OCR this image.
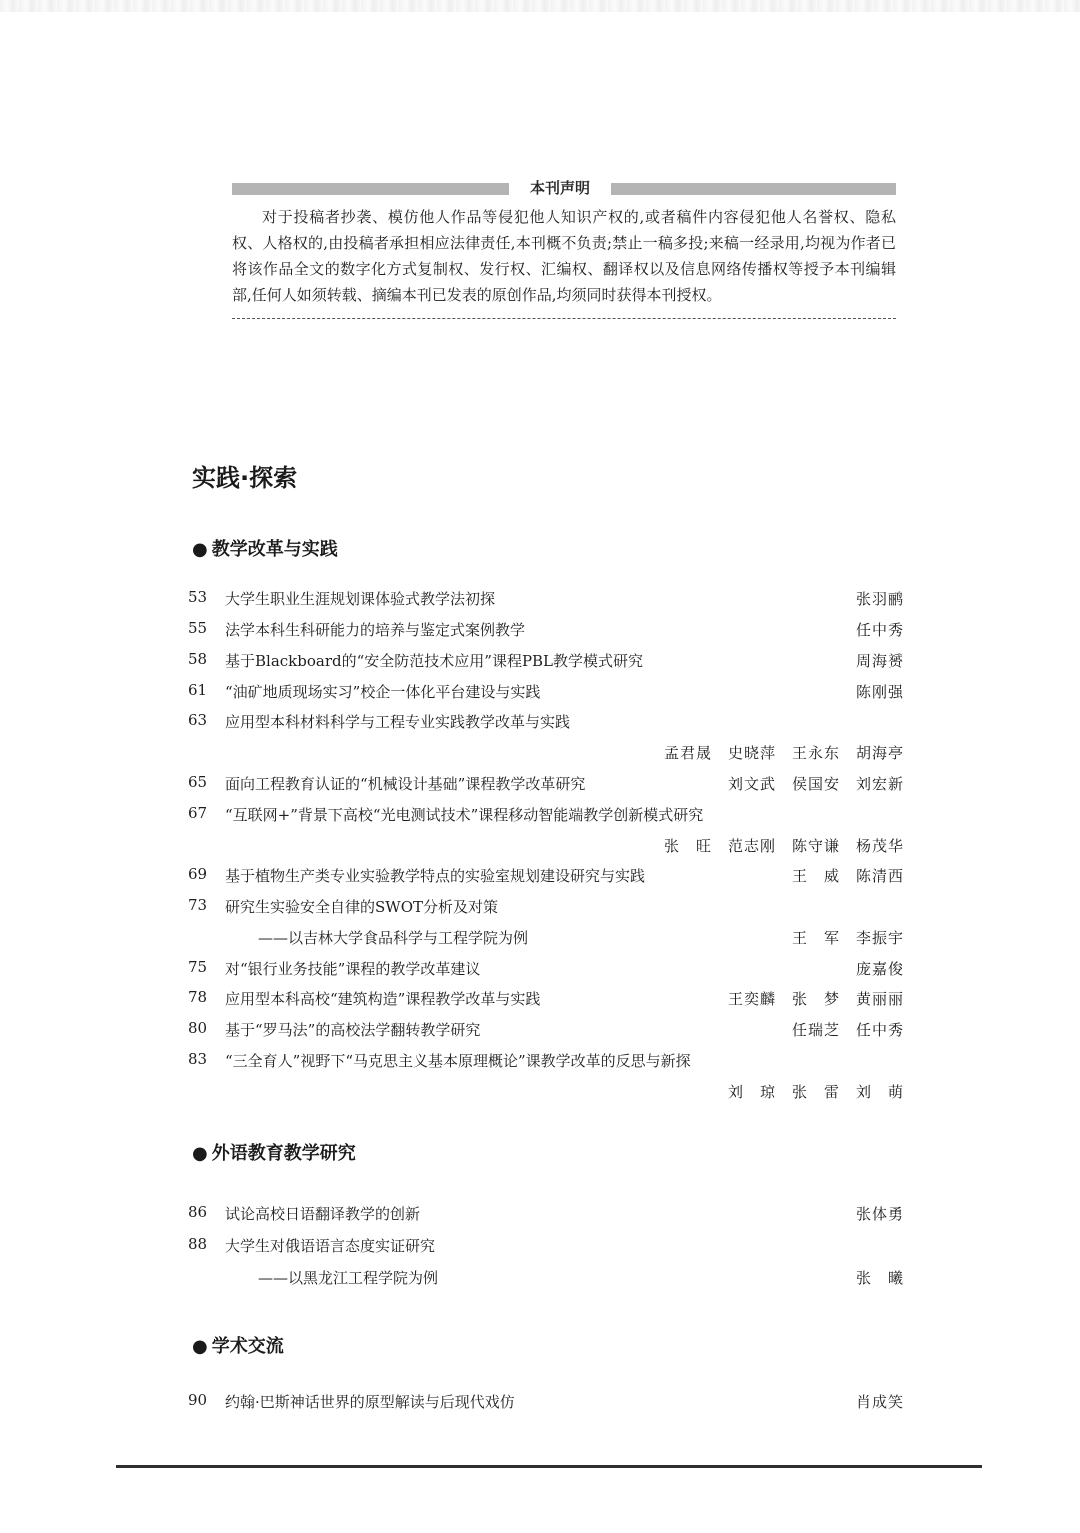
本刊声明

对于投稿者抄袭、模仿他人作品等侵犯他人知识产权的,或者稿件内容侵犯他人名誉权、隐私权、人格权的,由投稿者承担相应法律责任,本刊概不负责;禁止一稿多投;来稿一经录用,均视为作者已将该作品全文的数字化方式复制权、发行权、汇编权、翻译权以及信息网络传播权等授予本刊编辑部,任何人如须转载、摘编本刊已发表的原创作品,均须同时获得本刊授权。

实践·探索
● 教学改革与实践
53	大学生职业生涯规划课体验式教学法初探	张羽鹂
55	法学本科生科研能力的培养与鉴定式案例教学	任中秀
58	基于Blackboard的“安全防范技术应用”课程PBL教学模式研究	周海赟
61	“油矿地质现场实习”校企一体化平台建设与实践	陈刚强
63	应用型本科材料科学与工程专业实践教学改革与实践
孟君晟　史晓萍　王永东　胡海亭
65	面向工程教育认证的“机械设计基础”课程教学改革研究	刘文武　侯国安　刘宏新
67	“互联网+”背景下高校“光电测试技术”课程移动智能端教学创新模式研究
张　旺　范志刚　陈守谦　杨茂华
69	基于植物生产类专业实验教学特点的实验室规划建设研究与实践	王　威　陈清西
73	研究生实验安全自律的SWOT分析及对策
——以吉林大学食品科学与工程学院为例	王　军　李振宇
75	对“银行业务技能”课程的教学改革建议	庞嘉俊
78	应用型本科高校“建筑构造”课程教学改革与实践	王奕麟　张　梦　黄丽丽
80	基于“罗马法”的高校法学翻转教学研究	任瑞芝　任中秀
83	“三全育人”视野下“马克思主义基本原理概论”课教学改革的反思与新探
刘　琼　张　雷　刘　萌
● 外语教育教学研究
86	试论高校日语翻译教学的创新	张体勇
88	大学生对俄语语言态度实证研究
——以黑龙江工程学院为例	张　曦
● 学术交流
90	约翰·巴斯神话世界的原型解读与后现代戏仿	肖成笑
